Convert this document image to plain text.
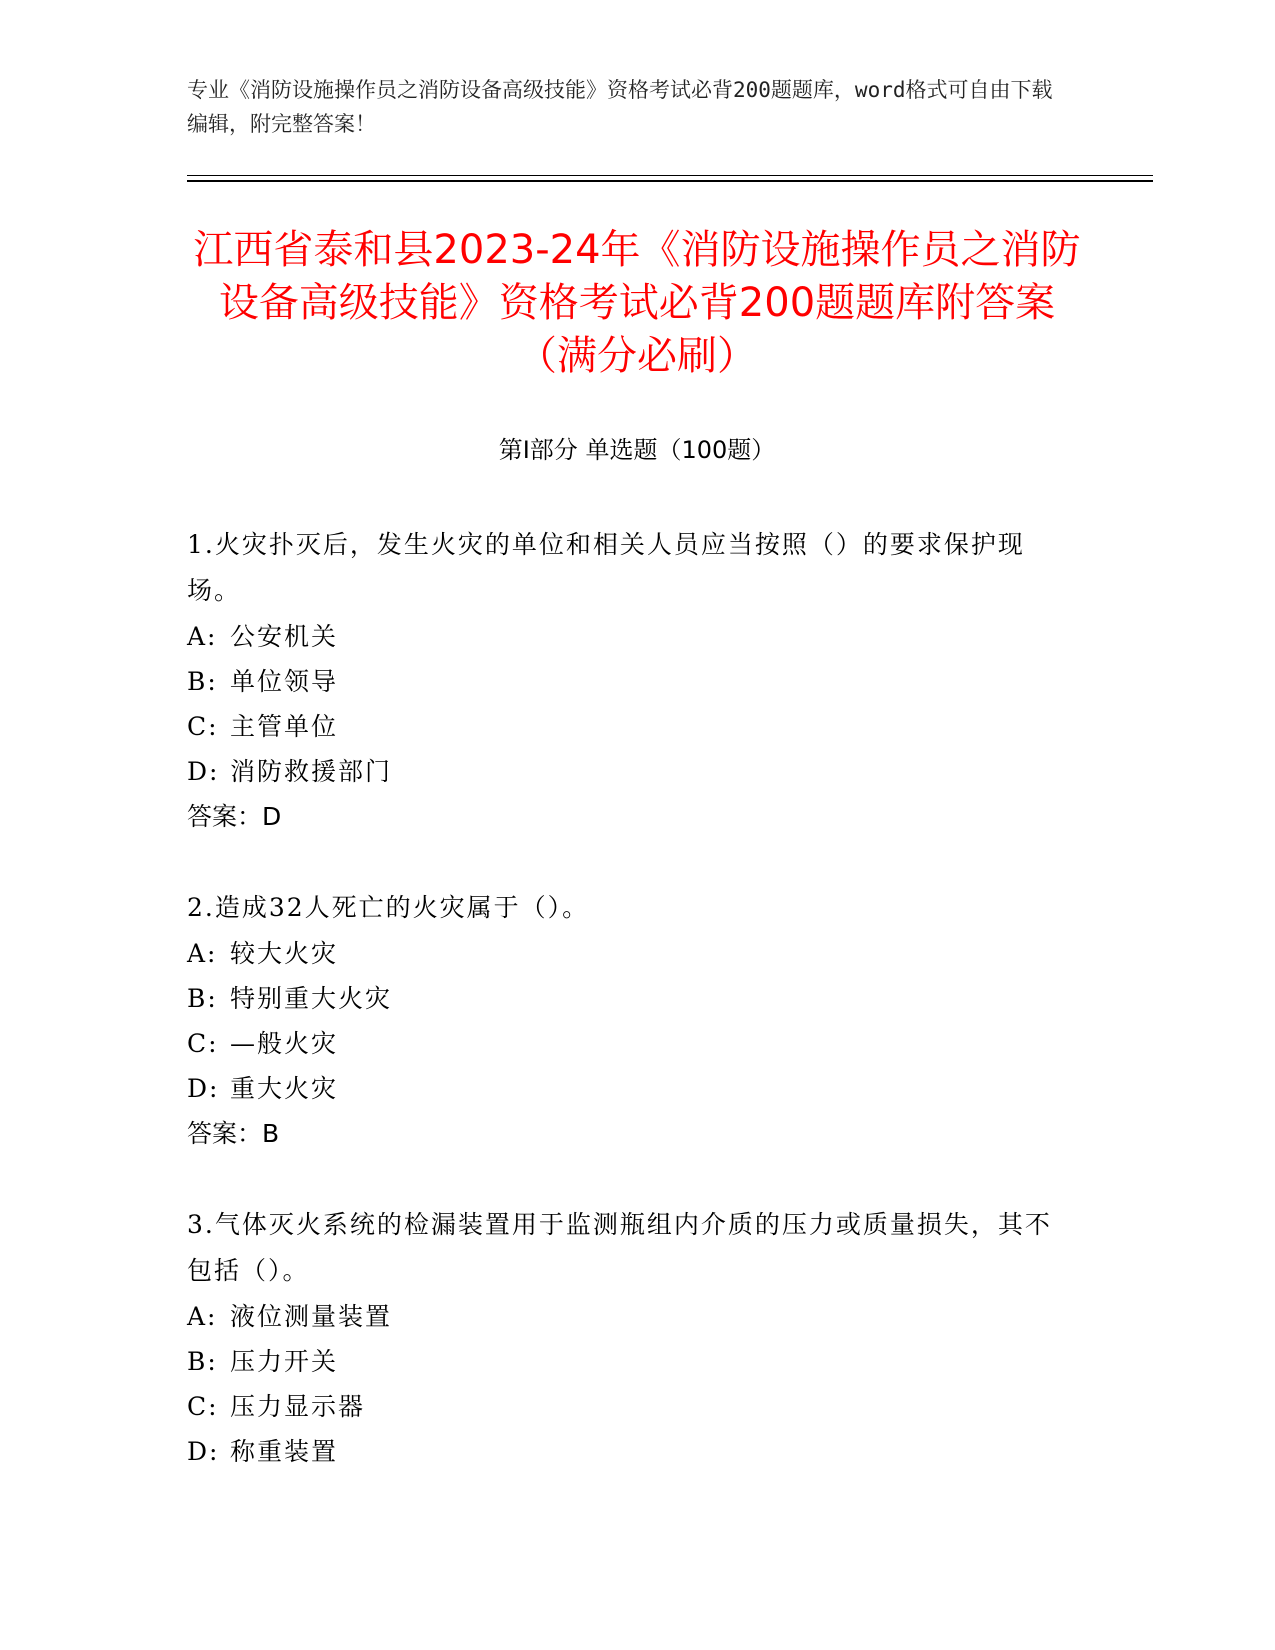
专业《消防设施操作员之消防设备高级技能》资格考试必背200题题库，word格式可自由下载编辑，附完整答案！

江西省泰和县2023-24年《消防设施操作员之消防设备高级技能》资格考试必背200题题库附答案（满分必刷）
第I部分 单选题（100题）

1.火灾扑灭后，发生火灾的单位和相关人员应当按照（）的要求保护现场。

A: 公安机关

B: 单位领导

C: 主管单位

D: 消防救援部门

答案：D

2.造成32人死亡的火灾属于（）。

A: 较大火灾

B: 特别重大火灾

C: —般火灾

D: 重大火灾

答案：B

3.气体灭火系统的检漏装置用于监测瓶组内介质的压力或质量损失，其不包括（）。

A: 液位测量装置

B: 压力开关

C: 压力显示器

D: 称重装置
